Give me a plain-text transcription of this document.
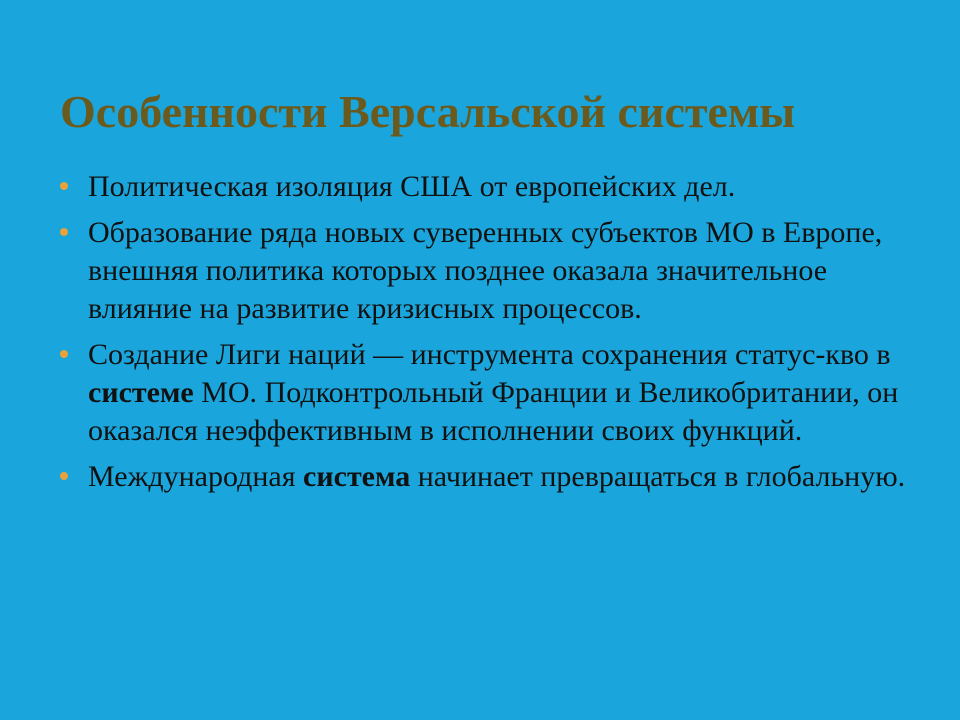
Особенности Версальской системы
Политическая изоляция США от европейских дел.
Образование ряда новых суверенных субъектов МО в Европе, внешняя политика которых позднее оказала значительное влияние на развитие кризисных процессов.
Создание Лиги наций — инструмента сохранения статус-кво в системе МО. Подконтрольный Франции и Великобритании, он оказался неэффективным в исполнении своих функций.
Международная система начинает превращаться в глобальную.
